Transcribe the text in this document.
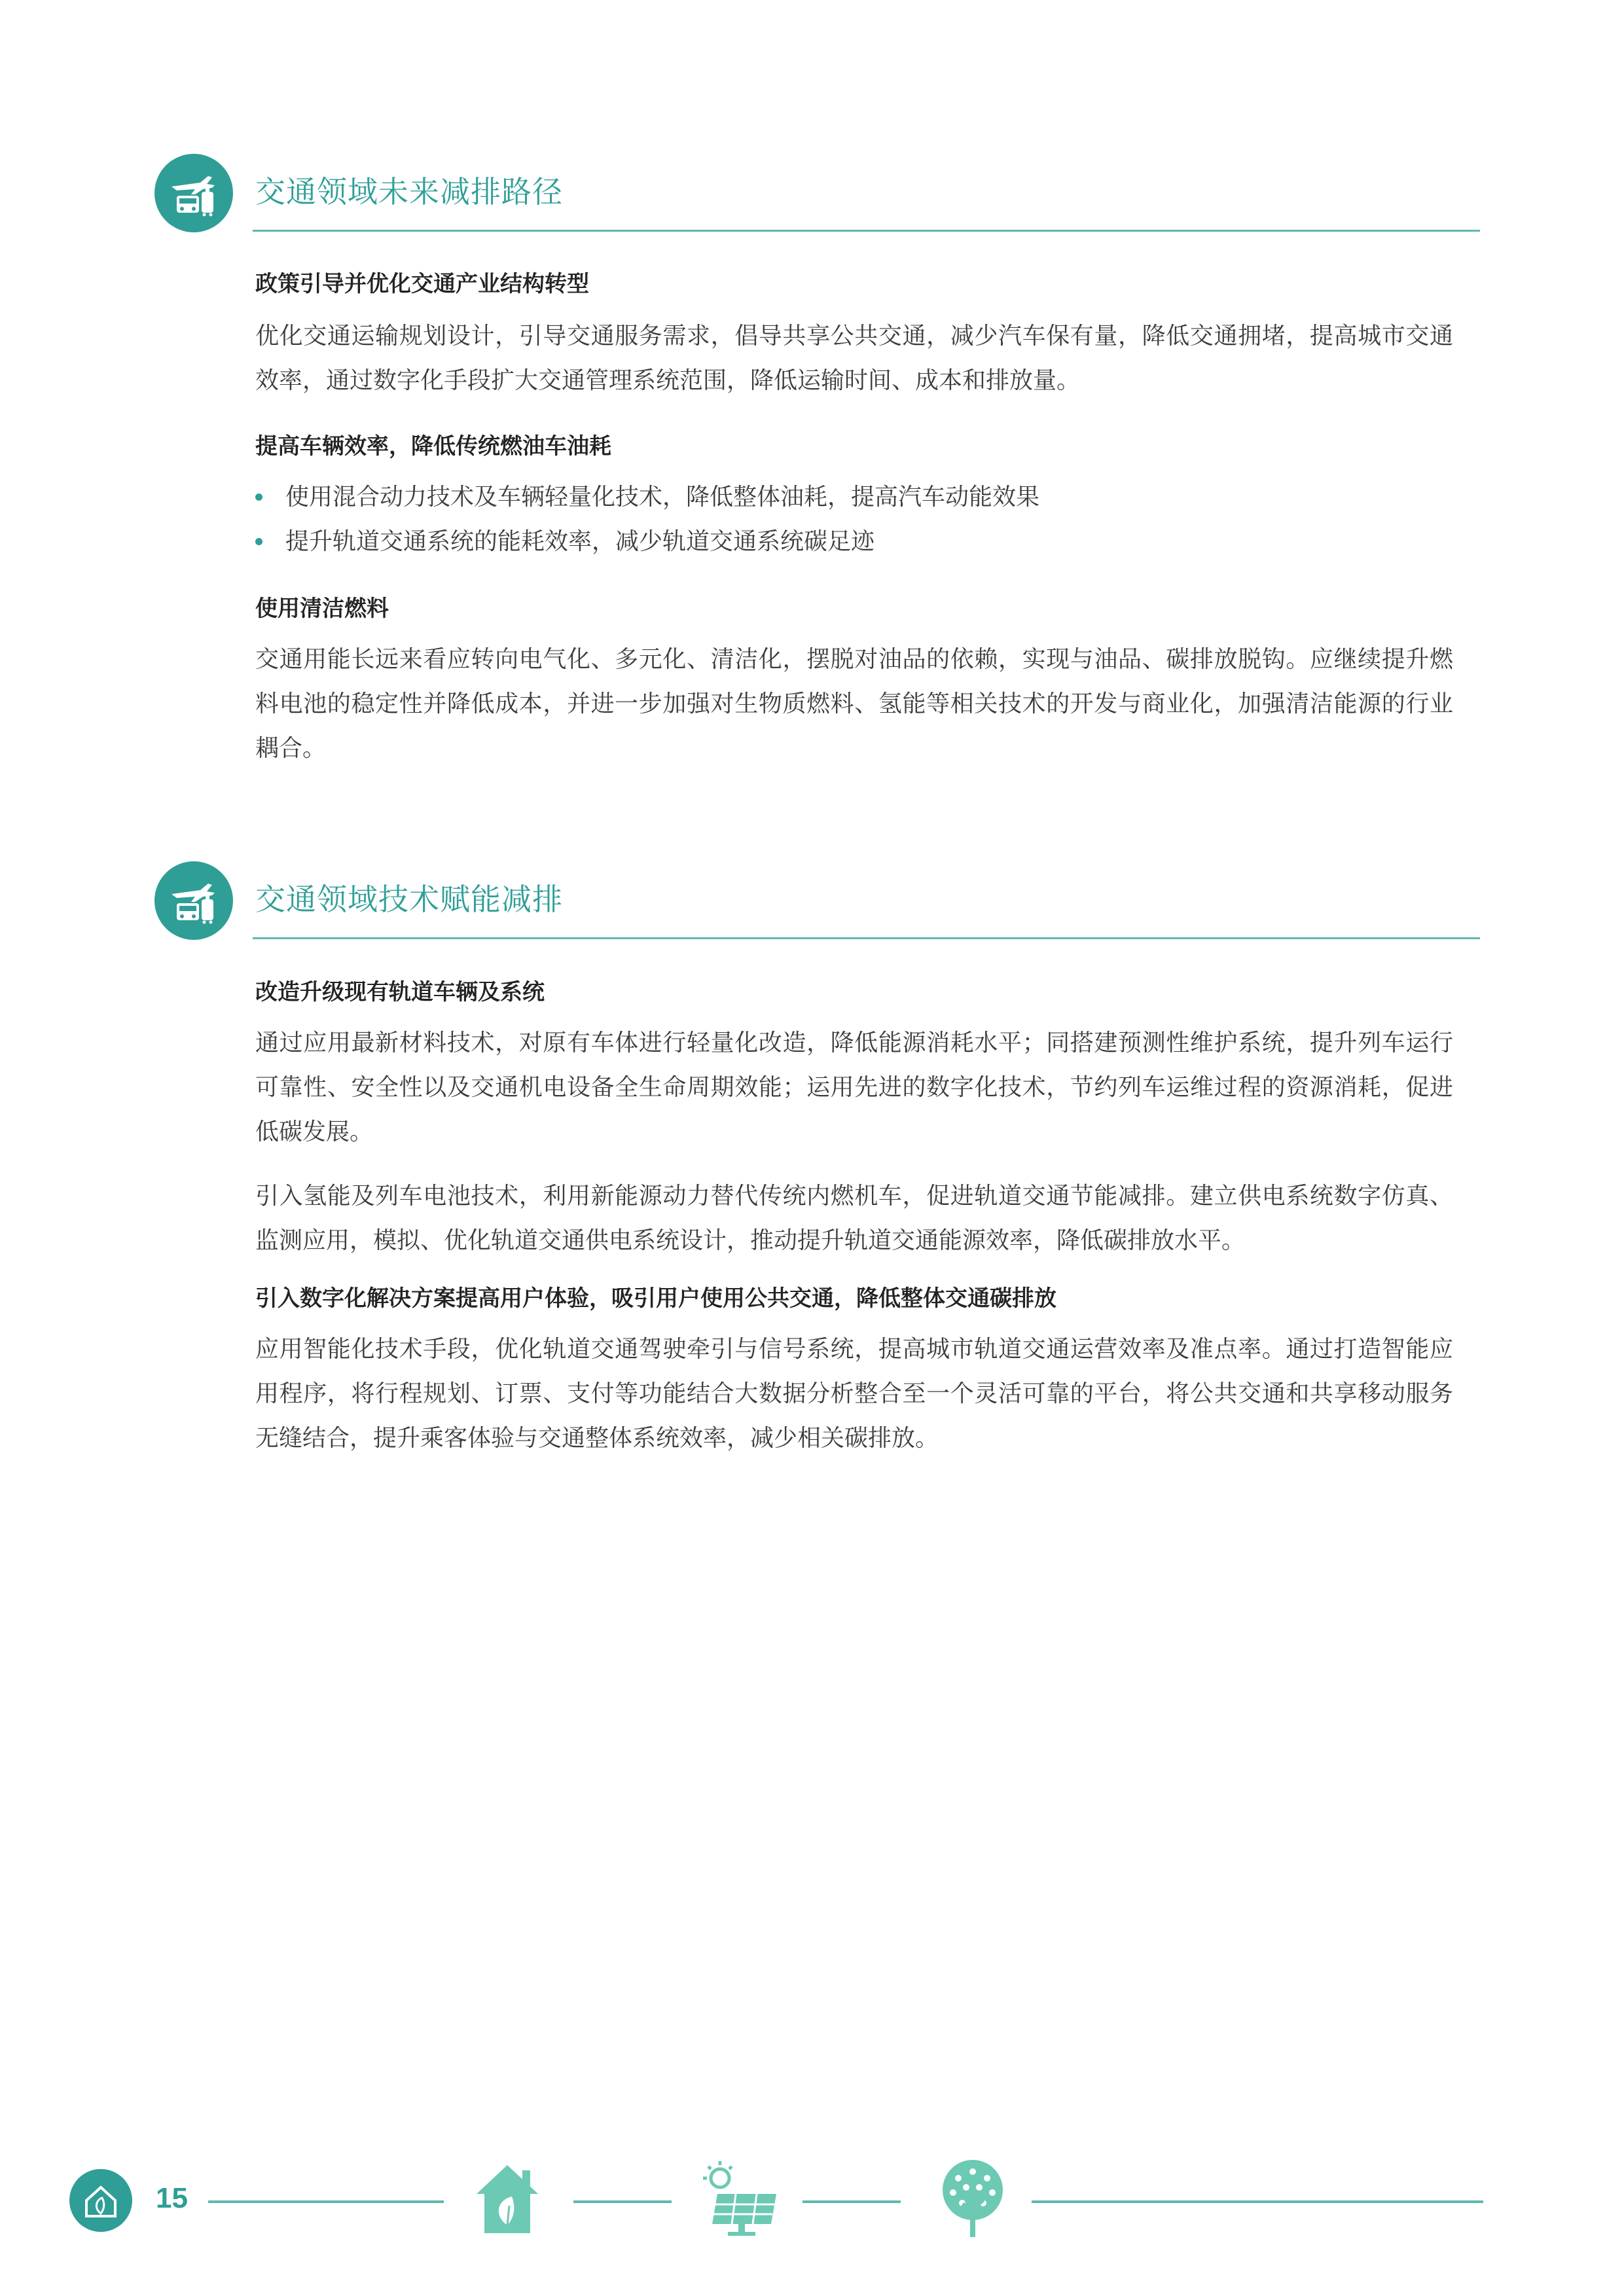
交通领域未来减排路径
政策引导并优化交通产业结构转型

优化交通运输规划设计，引导交通服务需求，倡导共享公共交通，减少汽车保有量，降低交通拥堵，提高城市交通效率，通过数字化手段扩大交通管理系统范围，降低运输时间、成本和排放量。

提高车辆效率，降低传统燃油车油耗
使用混合动力技术及车辆轻量化技术，降低整体油耗，提高汽车动能效果
提升轨道交通系统的能耗效率，减少轨道交通系统碳足迹
使用清洁燃料

交通用能长远来看应转向电气化、多元化、清洁化，摆脱对油品的依赖，实现与油品、碳排放脱钩。应继续提升燃料电池的稳定性并降低成本，并进一步加强对生物质燃料、氢能等相关技术的开发与商业化，加强清洁能源的行业耦合。

交通领域技术赋能减排
改造升级现有轨道车辆及系统

通过应用最新材料技术，对原有车体进行轻量化改造，降低能源消耗水平；同搭建预测性维护系统，提升列车运行可靠性、安全性以及交通机电设备全生命周期效能；运用先进的数字化技术，节约列车运维过程的资源消耗，促进低碳发展。

引入氢能及列车电池技术，利用新能源动力替代传统内燃机车，促进轨道交通节能减排。建立供电系统数字仿真、监测应用，模拟、优化轨道交通供电系统设计，推动提升轨道交通能源效率，降低碳排放水平。

引入数字化解决方案提高用户体验，吸引用户使用公共交通，降低整体交通碳排放

应用智能化技术手段，优化轨道交通驾驶牵引与信号系统，提高城市轨道交通运营效率及准点率。通过打造智能应用程序，将行程规划、订票、支付等功能结合大数据分析整合至一个灵活可靠的平台，将公共交通和共享移动服务无缝结合，提升乘客体验与交通整体系统效率，减少相关碳排放。

15
